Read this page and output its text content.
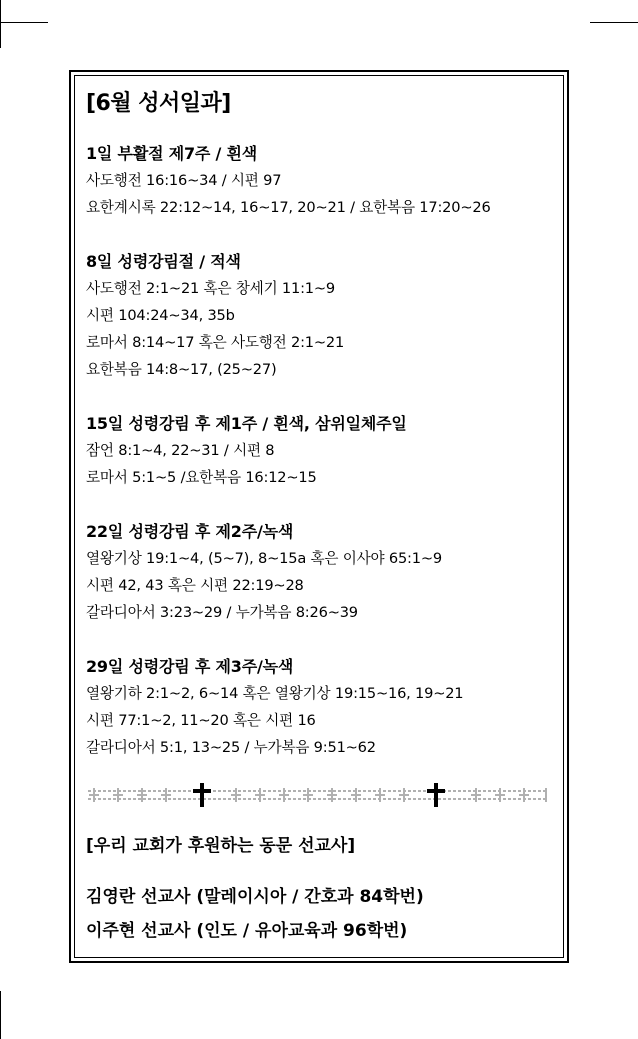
[6월 성서일과]
1일 부활절 제7주 / 흰색
사도행전 16:16~34 / 시편 97
요한계시록 22:12~14, 16~17, 20~21 / 요한복음 17:20~26
8일 성령강림절 / 적색
사도행전 2:1~21 혹은 창세기 11:1~9
시편 104:24~34, 35b
로마서 8:14~17 혹은 사도행전 2:1~21
요한복음 14:8~17, (25~27)
15일 성령강림 후 제1주 / 흰색, 삼위일체주일
잠언 8:1~4, 22~31 / 시편 8
로마서 5:1~5 /요한복음 16:12~15
22일 성령강림 후 제2주/녹색
열왕기상 19:1~4, (5~7), 8~15a 혹은 이사야 65:1~9
시편 42, 43 혹은 시편 22:19~28
갈라디아서 3:23~29 / 누가복음 8:26~39
29일 성령강림 후 제3주/녹색
열왕기하 2:1~2, 6~14 혹은 열왕기상 19:15~16, 19~21
시편 77:1~2, 11~20 혹은 시편 16
갈라디아서 5:1, 13~25 / 누가복음 9:51~62
[우리 교회가 후원하는 동문 선교사]
김영란 선교사 (말레이시아 / 간호과 84학번)
이주현 선교사 (인도 / 유아교육과 96학번)
